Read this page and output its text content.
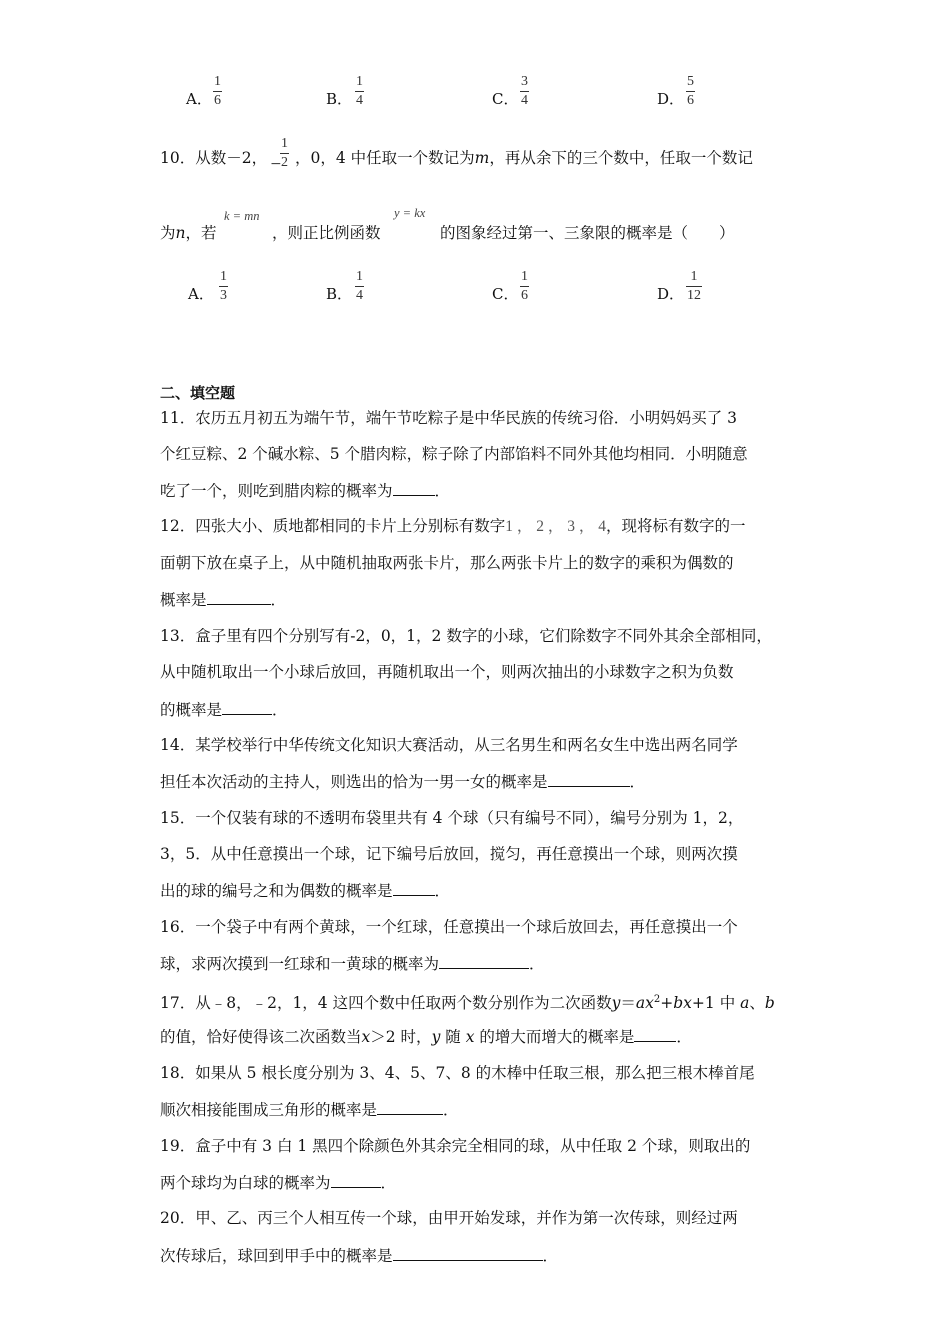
A．
1
6	B．
1
4	C．
3
4	D．
5
6
10．从数－2， −
1
2 ，0，4 中任取一个数记为m，再从余下的三个数中，任取一个数记
为n，若
k = mn
，则正比例函数
y = kx
的图象经过第一、三象限的概率是（　　）
A．
1
3	B．
1
4	C．
1
6	D．
1
12
二、填空题
11．农历五月初五为端午节，端午节吃粽子是中华民族的传统习俗．小明妈妈买了 3
个红豆粽、2 个碱水粽、5 个腊肉粽，粽子除了内部馅料不同外其他均相同．小明随意
吃了一个，则吃到腊肉粽的概率为	．
12．四张大小、质地都相同的卡片上分别标有数字1 ， 2 ， 3 ， 4，现将标有数字的一
面朝下放在桌子上，从中随机抽取两张卡片，那么两张卡片上的数字的乘积为偶数的
概率是	．
13．盒子里有四个分别写有-2，0，1，2 数字的小球，它们除数字不同外其余全部相同，
从中随机取出一个小球后放回，再随机取出一个，则两次抽出的小球数字之积为负数
的概率是	．
14．某学校举行中华传统文化知识大赛活动，从三名男生和两名女生中选出两名同学
担任本次活动的主持人，则选出的恰为一男一女的概率是	．
15．一个仅装有球的不透明布袋里共有 4 个球（只有编号不同），编号分别为 1，2，
3，5．从中任意摸出一个球，记下编号后放回，搅匀，再任意摸出一个球，则两次摸
出的球的编号之和为偶数的概率是	．
16．一个袋子中有两个黄球，一个红球，任意摸出一个球后放回去，再任意摸出一个
球，求两次摸到一红球和一黄球的概率为	．
17．从﹣8，﹣2，1，4 这四个数中任取两个数分别作为二次函数$y=ax^2+bx+1$ 中 a、b
的值，恰好使得该二次函数当x＞2 时，y 随 x 的增大而增大的概率是	．
18．如果从 5 根长度分别为 3、4、5、7、8 的木棒中任取三根，那么把三根木棒首尾
顺次相接能围成三角形的概率是	．
19．盒子中有 3 白 1 黑四个除颜色外其余完全相同的球，从中任取 2 个球，则取出的
两个球均为白球的概率为	．
20．甲、乙、丙三个人相互传一个球，由甲开始发球，并作为第一次传球，则经过两
次传球后，球回到甲手中的概率是	．
